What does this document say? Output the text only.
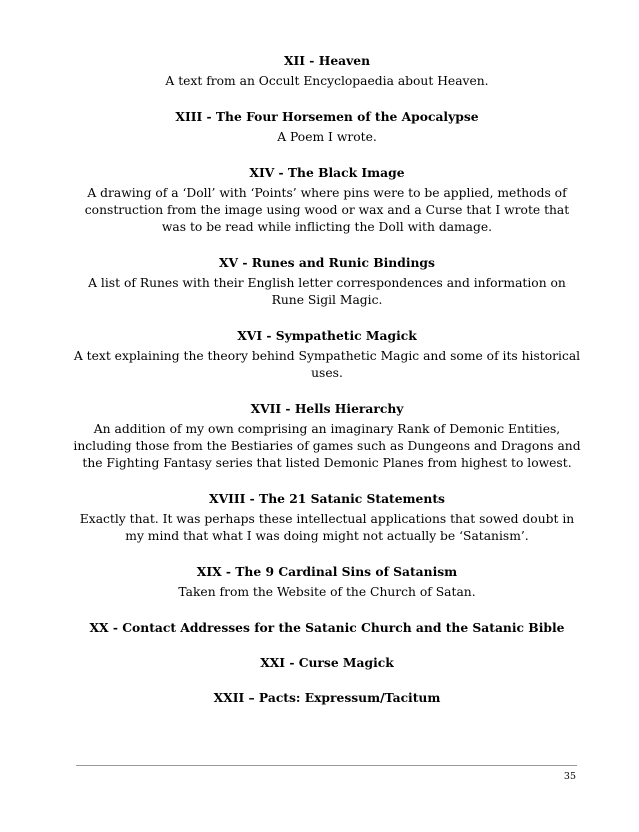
XII - Heaven

A text from an Occult Encyclopaedia about Heaven.

XIII - The Four Horsemen of the Apocalypse

A Poem I wrote.

XIV - The Black Image

A drawing of a ‘Doll’ with ‘Points’ where pins were to be applied, methods of

construction from the image using wood or wax and a Curse that I wrote that

was to be read while inflicting the Doll with damage.

XV - Runes and Runic Bindings

A list of Runes with their English letter correspondences and information on

Rune Sigil Magic.

XVI - Sympathetic Magick

A text explaining the theory behind Sympathetic Magic and some of its historical

uses.

XVII - Hells Hierarchy

An addition of my own comprising an imaginary Rank of Demonic Entities,

including those from the Bestiaries of games such as Dungeons and Dragons and

the Fighting Fantasy series that listed Demonic Planes from highest to lowest.

XVIII - The 21 Satanic Statements

Exactly that. It was perhaps these intellectual applications that sowed doubt in

my mind that what I was doing might not actually be ‘Satanism’.

XIX - The 9 Cardinal Sins of Satanism

Taken from the Website of the Church of Satan.

XX - Contact Addresses for the Satanic Church and the Satanic Bible

XXI - Curse Magick

XXII – Pacts: Expressum/Tacitum

35
